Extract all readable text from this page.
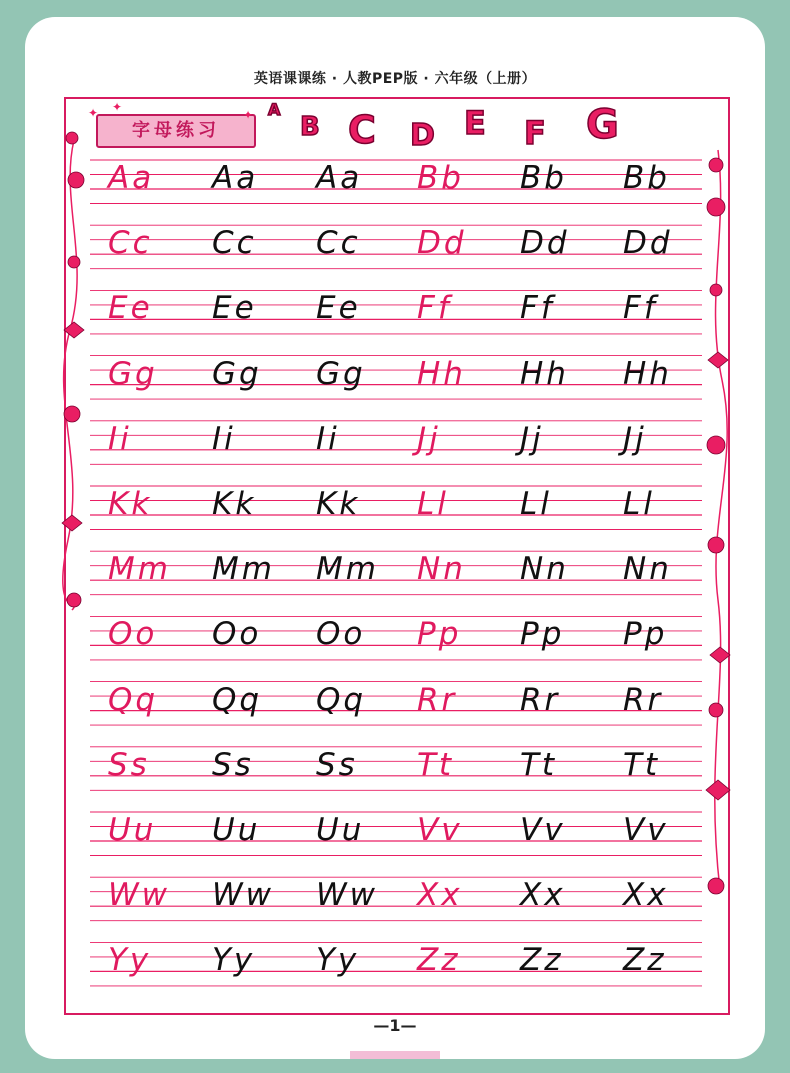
英语课课练 · 人教PEP版 · 六年级（上册）
字母练习
✦ ✦
✦ A
B C D E F G
Aa	Aa	Aa	Bb	Bb	Bb
Cc	Cc	Cc	Dd	Dd	Dd
Ee	Ee	Ee	Ff	Ff	Ff
Gg	Gg	Gg	Hh	Hh	Hh
Ii	Ii	Ii	Jj	Jj	Jj
Kk	Kk	Kk	Ll	Ll	Ll
Mm	Mm	Mm	Nn	Nn	Nn
Oo	Oo	Oo	Pp	Pp	Pp
Qq	Qq	Qq	Rr	Rr	Rr
Ss	Ss	Ss	Tt	Tt	Tt
Uu	Uu	Uu	Vv	Vv	Vv
Ww	Ww	Ww	Xx	Xx	Xx
Yy	Yy	Yy	Zz	Zz	Zz
—1—
